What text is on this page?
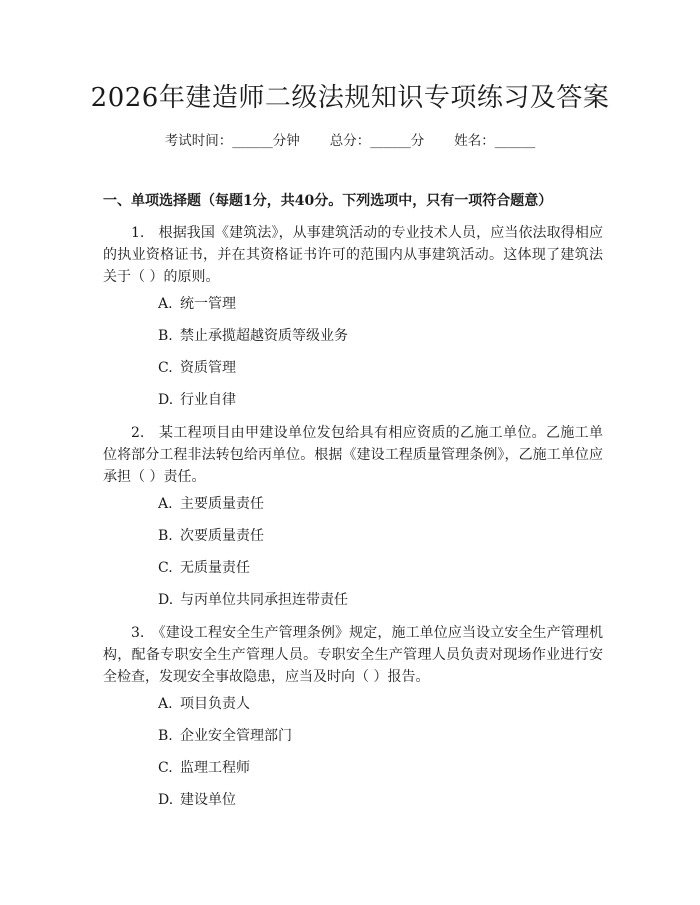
2026年建造师二级法规知识专项练习及答案
考试时间：______分钟 总分：______分 姓名：______
一、单项选择题（每题1分，共40分。下列选项中，只有一项符合题意）
1.　根据我国《建筑法》，从事建筑活动的专业技术人员，应当依法取得相应的执业资格证书，并在其资格证书许可的范围内从事建筑活动。这体现了建筑法关于（ ）的原则。
A. 统一管理
B. 禁止承揽超越资质等级业务
C. 资质管理
D. 行业自律
2.　某工程项目由甲建设单位发包给具有相应资质的乙施工单位。乙施工单位将部分工程非法转包给丙单位。根据《建设工程质量管理条例》，乙施工单位应承担（ ）责任。
A. 主要质量责任
B. 次要质量责任
C. 无质量责任
D. 与丙单位共同承担连带责任
3.　《建设工程安全生产管理条例》规定，施工单位应当设立安全生产管理机构，配备专职安全生产管理人员。专职安全生产管理人员负责对现场作业进行安全检查，发现安全事故隐患，应当及时向（ ）报告。
A. 项目负责人
B. 企业安全管理部门
C. 监理工程师
D. 建设单位
